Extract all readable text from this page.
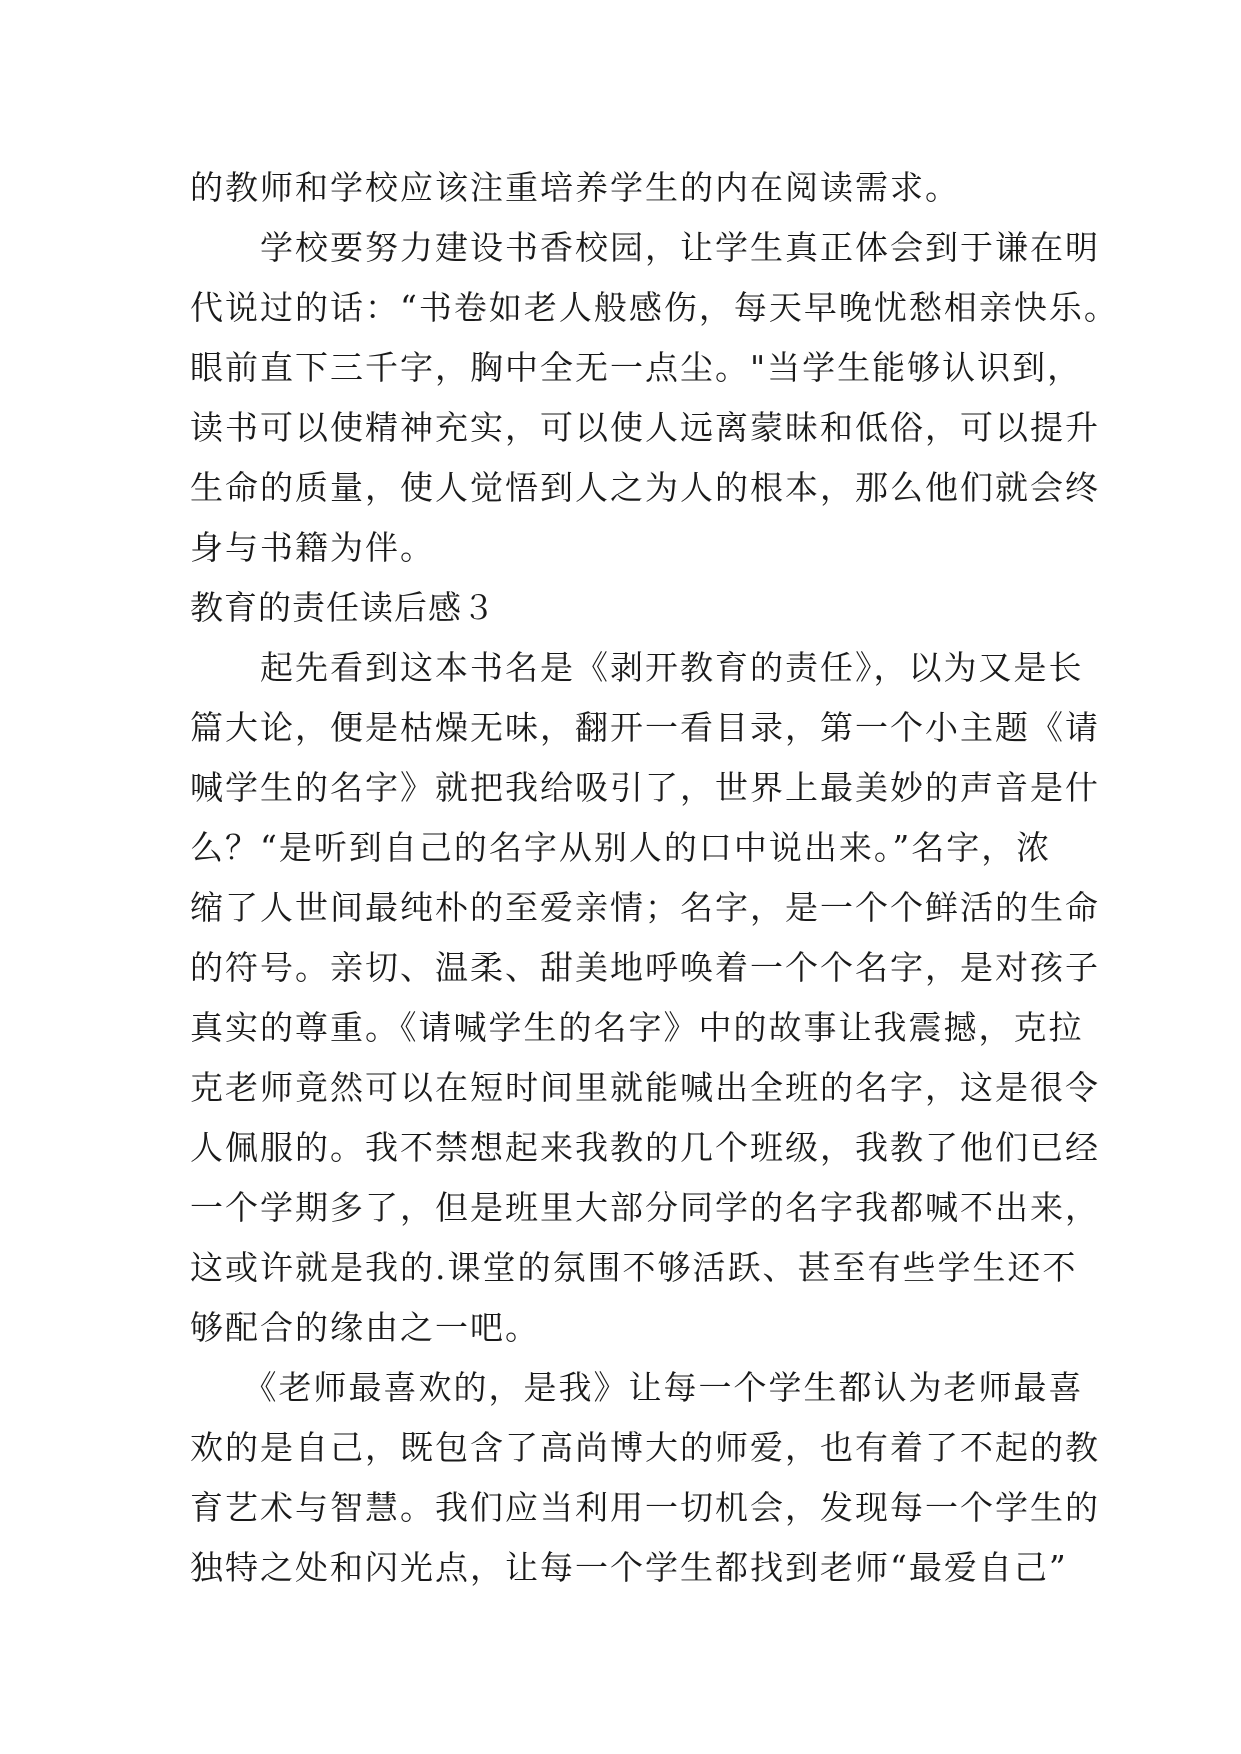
的教师和学校应该注重培养学生的内在阅读需求。
　　学校要努力建设书香校园，让学生真正体会到于谦在明
代说过的话：“书卷如老人般感伤，每天早晚忧愁相亲快乐。
眼前直下三千字，胸中全无一点尘。"当学生能够认识到，
读书可以使精神充实，可以使人远离蒙昧和低俗，可以提升
生命的质量，使人觉悟到人之为人的根本，那么他们就会终
身与书籍为伴。
教育的责任读后感３
　　起先看到这本书名是《剥开教育的责任》，以为又是长
篇大论，便是枯燥无味，翻开一看目录，第一个小主题《请
喊学生的名字》就把我给吸引了，世界上最美妙的声音是什
么？“是听到自己的名字从别人的口中说出来。”名字，浓
缩了人世间最纯朴的至爱亲情；名字，是一个个鲜活的生命
的符号。亲切、温柔、甜美地呼唤着一个个名字，是对孩子
真实的尊重。《请喊学生的名字》中的故事让我震撼，克拉
克老师竟然可以在短时间里就能喊出全班的名字，这是很令
人佩服的。我不禁想起来我教的几个班级，我教了他们已经
一个学期多了，但是班里大部分同学的名字我都喊不出来，
这或许就是我的.课堂的氛围不够活跃、甚至有些学生还不
够配合的缘由之一吧。
　　《老师最喜欢的，是我》让每一个学生都认为老师最喜
欢的是自己，既包含了高尚博大的师爱，也有着了不起的教
育艺术与智慧。我们应当利用一切机会，发现每一个学生的
独特之处和闪光点，让每一个学生都找到老师“最爱自己”
